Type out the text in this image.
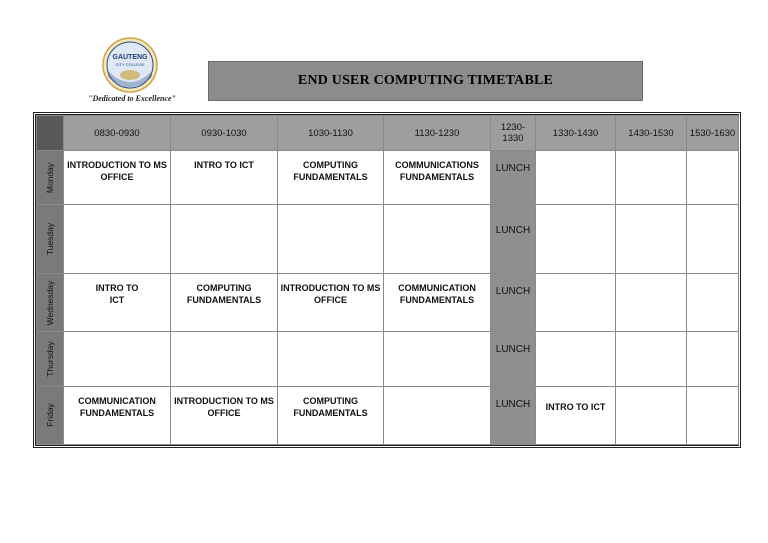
GAUTENG
CITY COLLEGE
"Dedicated to Excellence"
END USER COMPUTING TIMETABLE
	0830-0930	0930-1030	1030-1130	1130-1230	1230-1330	1330-1430	1430-1530	1530-1630

Monday	INTRODUCTION TO MS OFFICE	INTRO TO ICT	COMPUTING FUNDAMENTALS	COMMUNICATIONS FUNDAMENTALS	LUNCH			

Tuesday					LUNCH			

Wednesday	INTRO TO ICT	COMPUTING FUNDAMENTALS	INTRODUCTION TO MS OFFICE	COMMUNICATION FUNDAMENTALS	LUNCH			

Thursday					LUNCH			

Friday	COMMUNICATION FUNDAMENTALS	INTRODUCTION TO MS OFFICE	COMPUTING FUNDAMENTALS		LUNCH	INTRO TO ICT		
